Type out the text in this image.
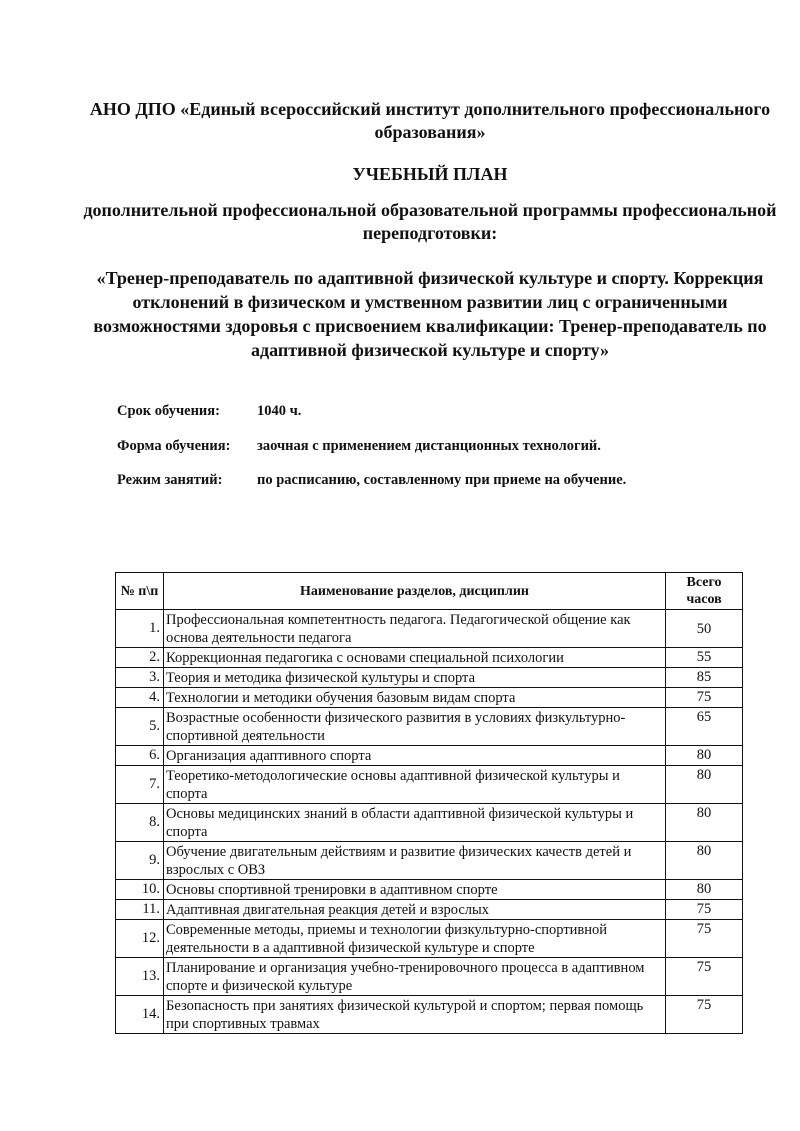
АНО ДПО «Единый всероссийский институт дополнительного профессионального образования»
УЧЕБНЫЙ ПЛАН
дополнительной профессиональной образовательной программы профессиональной переподготовки:
«Тренер-преподаватель по адаптивной физической культуре и спорту. Коррекция отклонений в физическом и умственном развитии лиц с ограниченными возможностями здоровья с присвоением квалификации: Тренер-преподаватель по адаптивной физической культуре и спорту»
Срок обучения:	1040 ч.
Форма обучения: заочная с применением дистанционных технологий.
Режим занятий: по расписанию, составленному при приеме на обучение.
№ п\п	Наименование разделов, дисциплин	Всего часов
1.	Профессиональная компетентность педагога. Педагогической общение как основа деятельности педагога	50
2.	Коррекционная педагогика с основами специальной психологии	55
3.	Теория и методика физической культуры и спорта	85
4.	Технологии и методики обучения базовым видам спорта	75
5.	Возрастные особенности физического развития в условиях физкультурно-спортивной деятельности	65
6.	Организация адаптивного спорта	80
7.	Теоретико-методологические основы адаптивной физической культуры и спорта	80
8.	Основы медицинских знаний в области адаптивной физической культуры и спорта	80
9.	Обучение двигательным действиям и развитие физических качеств детей и взрослых с ОВЗ	80
10.	Основы спортивной тренировки в адаптивном спорте	80
11.	Адаптивная двигательная реакция детей и взрослых	75
12.	Современные методы, приемы и технологии физкультурно-спортивной деятельности в а адаптивной физической культуре и спорте	75
13.	Планирование и организация учебно-тренировочного процесса в адаптивном спорте и физической культуре	75
14.	Безопасность при занятиях физической культурой и спортом; первая помощь при спортивных травмах	75
